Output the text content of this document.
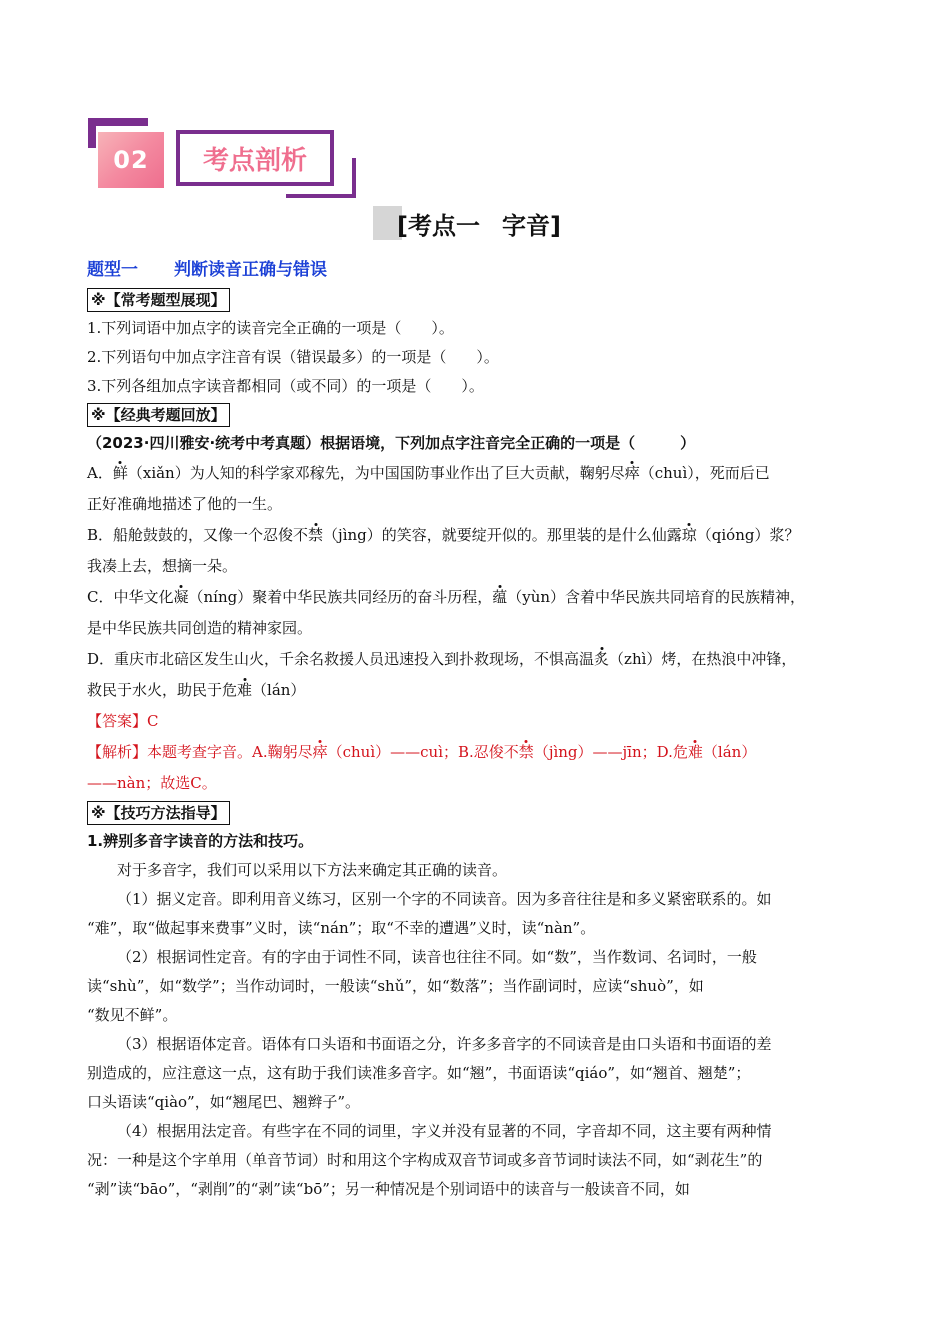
02	考点剖析
[考点一 字音]
题型一 判断读音正确与错误
※【常考题型展现】

1.下列词语中加点字的读音完全正确的一项是（　　）。

2.下列语句中加点字注音有误（错误最多）的一项是（　　）。

3.下列各组加点字读音都相同（或不同）的一项是（　　）。

※【经典考题回放】

（2023·四川雅安·统考中考真题）根据语境，下列加点字注音完全正确的一项是（　　　）

A．鲜（xiǎn）为人知的科学家邓稼先，为中国国防事业作出了巨大贡献，鞠躬尽瘁（chuì），死而后已

正好准确地描述了他的一生。

B．船舱鼓鼓的，又像一个忍俊不禁（jìng）的笑容，就要绽开似的。那里装的是什么仙露琼（qióng）浆？

我凑上去，想摘一朵。

C．中华文化凝（níng）聚着中华民族共同经历的奋斗历程，蕴（yùn）含着中华民族共同培育的民族精神，

是中华民族共同创造的精神家园。

D．重庆市北碚区发生山火，千余名救援人员迅速投入到扑救现场，不惧高温炙（zhì）烤，在热浪中冲锋，

救民于水火，助民于危难（lán）

【答案】C

【解析】本题考查字音。A.鞠躬尽瘁（chuì）——cuì；B.忍俊不禁（jìng）——jīn；D.危难（lán）

——nàn；故选C。

※【技巧方法指导】

1.辨别多音字读音的方法和技巧。

对于多音字，我们可以采用以下方法来确定其正确的读音。

（1）据义定音。即利用音义练习，区别一个字的不同读音。因为多音往往是和多义紧密联系的。如

“难”，取“做起事来费事”义时，读“nán”；取“不幸的遭遇”义时，读“nàn”。

（2）根据词性定音。有的字由于词性不同，读音也往往不同。如“数”，当作数词、名词时，一般

读“shù”，如“数学”；当作动词时，一般读“shǔ”，如“数落”；当作副词时，应读“shuò”，如

“数见不鲜”。

（3）根据语体定音。语体有口头语和书面语之分，许多多音字的不同读音是由口头语和书面语的差

别造成的，应注意这一点，这有助于我们读准多音字。如“翘”，书面语读“qiáo”，如“翘首、翘楚”；

口头语读“qiào”，如“翘尾巴、翘辫子”。

（4）根据用法定音。有些字在不同的词里，字义并没有显著的不同，字音却不同，这主要有两种情

况：一种是这个字单用（单音节词）时和用这个字构成双音节词或多音节词时读法不同，如“剥花生”的

“剥”读“bāo”，“剥削”的“剥”读“bō”；另一种情况是个别词语中的读音与一般读音不同，如
